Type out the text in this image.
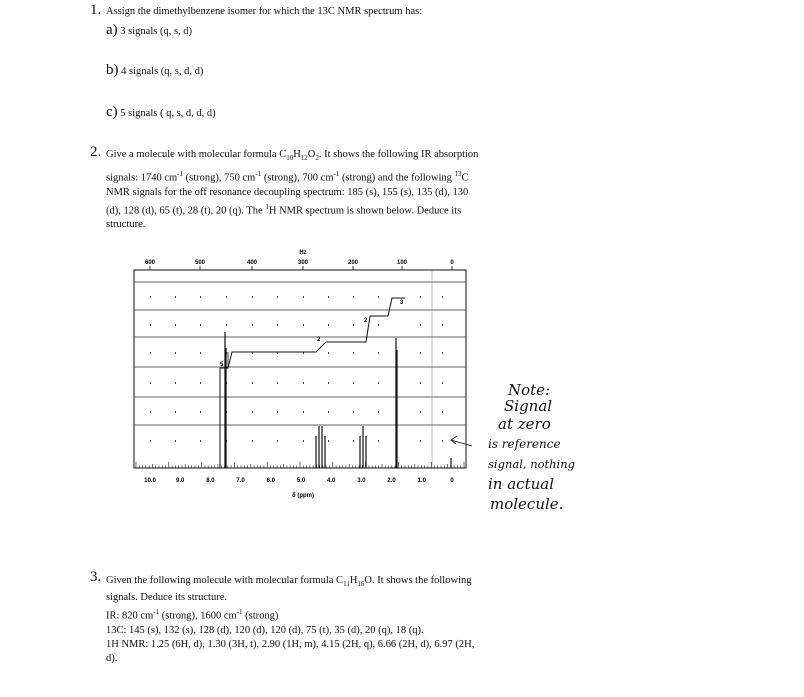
1. Assign the dimethylbenzene isomer for which the 13C NMR spectrum has:
a) 3 signals (q, s, d)
b) 4 signals (q, s, d, d)
c) 5 signals ( q, s, d, d, d)
2. Give a molecule with molecular formula $C_{10}H_{12}O_2$. It shows the following IR absorption
signals: 1740 $cm^{-1}$ (strong), 750 $cm^{-1}$ (strong), 700 $cm^{-1}$ (strong) and the following $^{13}$C
NMR signals for the off resonance decoupling spectrum: 185 (s), 155 (s), 135 (d), 130
(d), 128 (d), 65 (t), 28 (t), 20 (q). The $^1$H NMR spectrum is shown below. Deduce its
structure.
Hz
600	500	400	300	200	100	0
5
2
2
3
10.0	9.0	8.0	7.0	6.0	5.0	4.0	3.0	2.0	1.0	0
δ (ppm)
Note:
Signal
at zero
is reference
signal, nothing
in actual
molecule.
3. Given the following molecule with molecular formula $C_{11}H_{16}O$. It shows the following
signals. Deduce its structure.
IR: 820 $cm^{-1}$ (strong), 1600 $cm^{-1}$ (strong)
13C: 145 (s), 132 (s), 128 (d), 120 (d), 120 (d), 75 (t), 35 (d), 20 (q), 18 (q).
1H NMR: 1.25 (6H, d), 1.30 (3H, t), 2.90 (1H, m), 4.15 (2H, q), 6.66 (2H, d), 6.97 (2H,
d).
